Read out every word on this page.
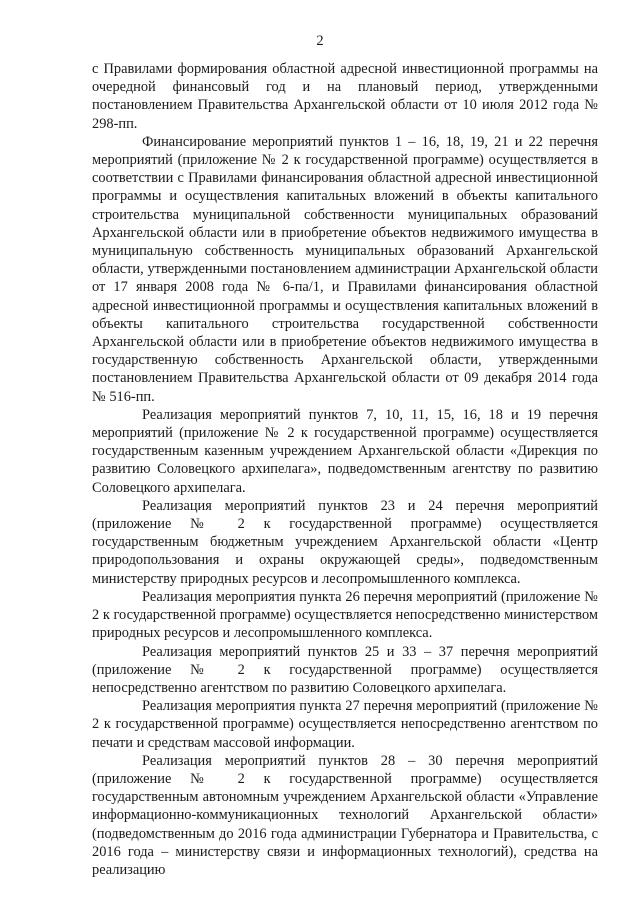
2

с Правилами формирования областной адресной инвестиционной программы на очередной финансовый год и на плановый период, утвержденными постановлением Правительства Архангельской области от 10 июля 2012 года № 298-пп.

Финансирование мероприятий пунктов 1 – 16, 18, 19, 21 и 22 перечня мероприятий (приложение № 2 к государственной программе) осуществляется в соответствии с Правилами финансирования областной адресной инвестиционной программы и осуществления капитальных вложений в объекты капитального строительства муниципальной собственности муниципальных образований Архангельской области или в приобретение объектов недвижимого имущества в муниципальную собственность муниципальных образований Архангельской области, утвержденными постановлением администрации Архангельской области от 17 января 2008 года № 6-па/1, и Правилами финансирования областной адресной инвестиционной программы и осуществления капитальных вложений в объекты капитального строительства государственной собственности Архангельской области или в приобретение объектов недвижимого имущества в государственную собственность Архангельской области, утвержденными постановлением Правительства Архангельской области от 09 декабря 2014 года № 516-пп.

Реализация мероприятий пунктов 7, 10, 11, 15, 16, 18 и 19 перечня мероприятий (приложение № 2 к государственной программе) осуществляется государственным казенным учреждением Архангельской области «Дирекция по развитию Соловецкого архипелага», подведомственным агентству по развитию Соловецкого архипелага.

Реализация мероприятий пунктов 23 и 24 перечня мероприятий (приложение № 2 к государственной программе) осуществляется государственным бюджетным учреждением Архангельской области «Центр природопользования и охраны окружающей среды», подведомственным министерству природных ресурсов и лесопромышленного комплекса.

Реализация мероприятия пункта 26 перечня мероприятий (приложение № 2 к государственной программе) осуществляется непосредственно министерством природных ресурсов и лесопромышленного комплекса.

Реализация мероприятий пунктов 25 и 33 – 37 перечня мероприятий (приложение № 2 к государственной программе) осуществляется непосредственно агентством по развитию Соловецкого архипелага.

Реализация мероприятия пункта 27 перечня мероприятий (приложение № 2 к государственной программе) осуществляется непосредственно агентством по печати и средствам массовой информации.

Реализация мероприятий пунктов 28 – 30 перечня мероприятий (приложение № 2 к государственной программе) осуществляется государственным автономным учреждением Архангельской области «Управление информационно-коммуникационных технологий Архангельской области» (подведомственным до 2016 года администрации Губернатора и Правительства, с 2016 года – министерству связи и информационных технологий), средства на реализацию
